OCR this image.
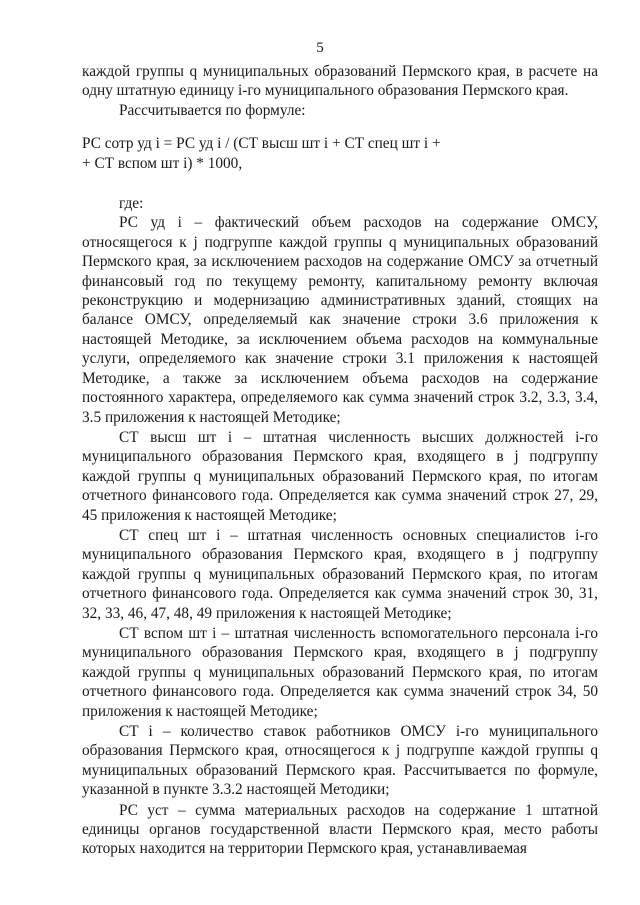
5

каждой группы q муниципальных образований Пермского края, в расчете на одну штатную единицу i-го муниципального образования Пермского края.

Рассчитывается по формуле:

РС сотр уд i = РС уд i / (СТ высш шт i + СТ спец шт i +

+ СТ вспом шт i) * 1000,

где:

РС уд i – фактический объем расходов на содержание ОМСУ, относящегося к j подгруппе каждой группы q муниципальных образований Пермского края, за исключением расходов на содержание ОМСУ за отчетный финансовый год по текущему ремонту, капитальному ремонту включая реконструкцию и модернизацию административных зданий, стоящих на балансе ОМСУ, определяемый как значение строки 3.6 приложения к настоящей Методике, за исключением объема расходов на коммунальные услуги, определяемого как значение строки 3.1 приложения к настоящей Методике, а также за исключением объема расходов на содержание постоянного характера, определяемого как сумма значений строк 3.2, 3.3, 3.4, 3.5 приложения к настоящей Методике;

СТ высш шт i – штатная численность высших должностей i-го муниципального образования Пермского края, входящего в j подгруппу каждой группы q муниципальных образований Пермского края, по итогам отчетного финансового года. Определяется как сумма значений строк 27, 29, 45 приложения к настоящей Методике;

СТ спец шт i – штатная численность основных специалистов i-го муниципального образования Пермского края, входящего в j подгруппу каждой группы q муниципальных образований Пермского края, по итогам отчетного финансового года. Определяется как сумма значений строк 30, 31, 32, 33, 46, 47, 48, 49 приложения к настоящей Методике;

СТ вспом шт i – штатная численность вспомогательного персонала i-го муниципального образования Пермского края, входящего в j подгруппу каждой группы q муниципальных образований Пермского края, по итогам отчетного финансового года. Определяется как сумма значений строк 34, 50 приложения к настоящей Методике;

СТ i – количество ставок работников ОМСУ i-го муниципального образования Пермского края, относящегося к j подгруппе каждой группы q муниципальных образований Пермского края. Рассчитывается по формуле, указанной в пункте 3.3.2 настоящей Методики;

РС уст – сумма материальных расходов на содержание 1 штатной единицы органов государственной власти Пермского края, место работы которых находится на территории Пермского края, устанавливаемая
